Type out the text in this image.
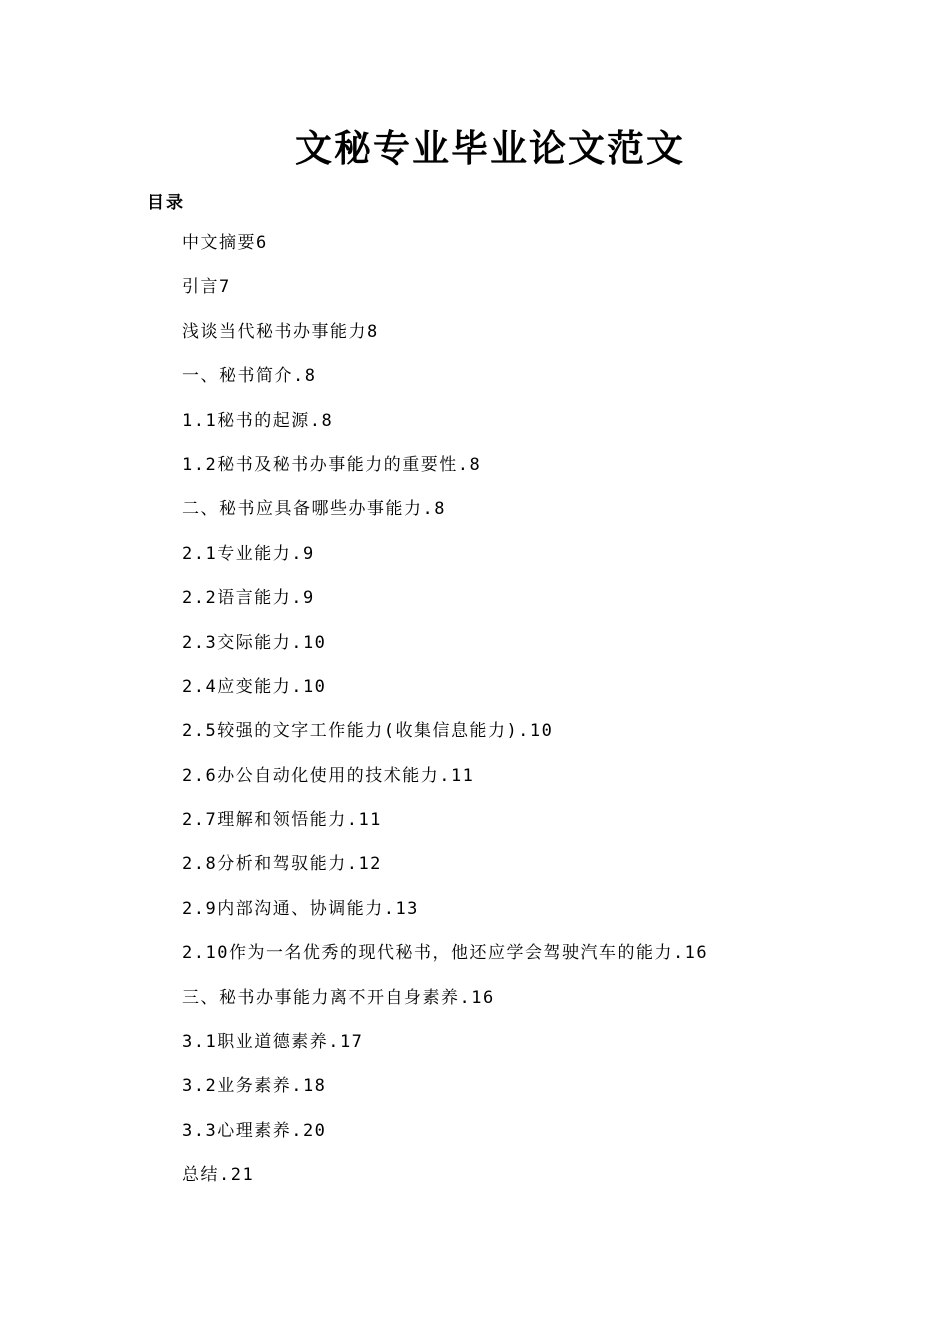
文秘专业毕业论文范文
目录
中文摘要6
引言7
浅谈当代秘书办事能力8
一、秘书简介.8
1.1秘书的起源.8
1.2秘书及秘书办事能力的重要性.8
二、秘书应具备哪些办事能力.8
2.1专业能力.9
2.2语言能力.9
2.3交际能力.10
2.4应变能力.10
2.5较强的文字工作能力(收集信息能力).10
2.6办公自动化使用的技术能力.11
2.7理解和领悟能力.11
2.8分析和驾驭能力.12
2.9内部沟通、协调能力.13
2.10作为一名优秀的现代秘书，他还应学会驾驶汽车的能力.16
三、秘书办事能力离不开自身素养.16
3.1职业道德素养.17
3.2业务素养.18
3.3心理素养.20
总结.21
